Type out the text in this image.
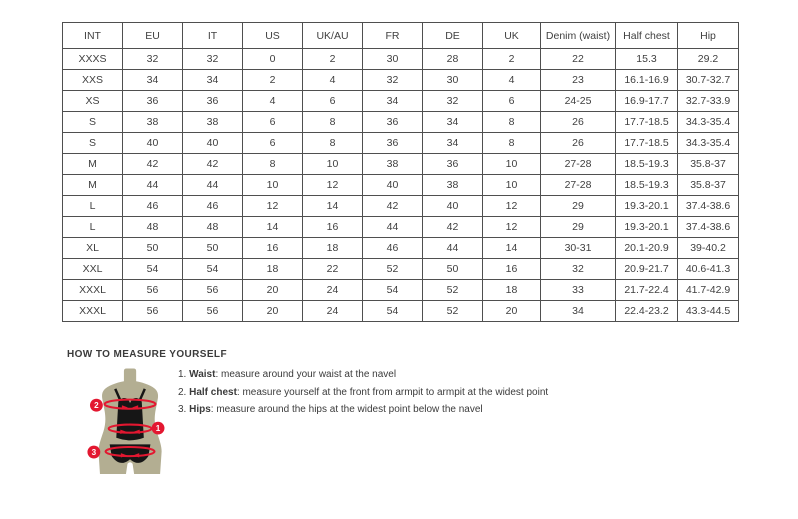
INT	EU	IT	US	UK/AU	FR	DE	UK	Denim (waist)	Half chest	Hip
XXXS	32	32	0	2	30	28	2	22	15.3	29.2
XXS	34	34	2	4	32	30	4	23	16.1-16.9	30.7-32.7
XS	36	36	4	6	34	32	6	24-25	16.9-17.7	32.7-33.9
S	38	38	6	8	36	34	8	26	17.7-18.5	34.3-35.4
S	40	40	6	8	36	34	8	26	17.7-18.5	34.3-35.4
M	42	42	8	10	38	36	10	27-28	18.5-19.3	35.8-37
M	44	44	10	12	40	38	10	27-28	18.5-19.3	35.8-37
L	46	46	12	14	42	40	12	29	19.3-20.1	37.4-38.6
L	48	48	14	16	44	42	12	29	19.3-20.1	37.4-38.6
XL	50	50	16	18	46	44	14	30-31	20.1-20.9	39-40.2
XXL	54	54	18	22	52	50	16	32	20.9-21.7	40.6-41.3
XXXL	56	56	20	24	54	52	18	33	21.7-22.4	41.7-42.9
XXXL	56	56	20	24	54	52	20	34	22.4-23.2	43.3-44.5
HOW TO MEASURE YOURSELF
1. Waist: measure around your waist at the navel
2. Half chest: measure yourself at the front from armpit to armpit at the widest point
3. Hips: measure around the hips at the widest point below the navel
2
1
3
